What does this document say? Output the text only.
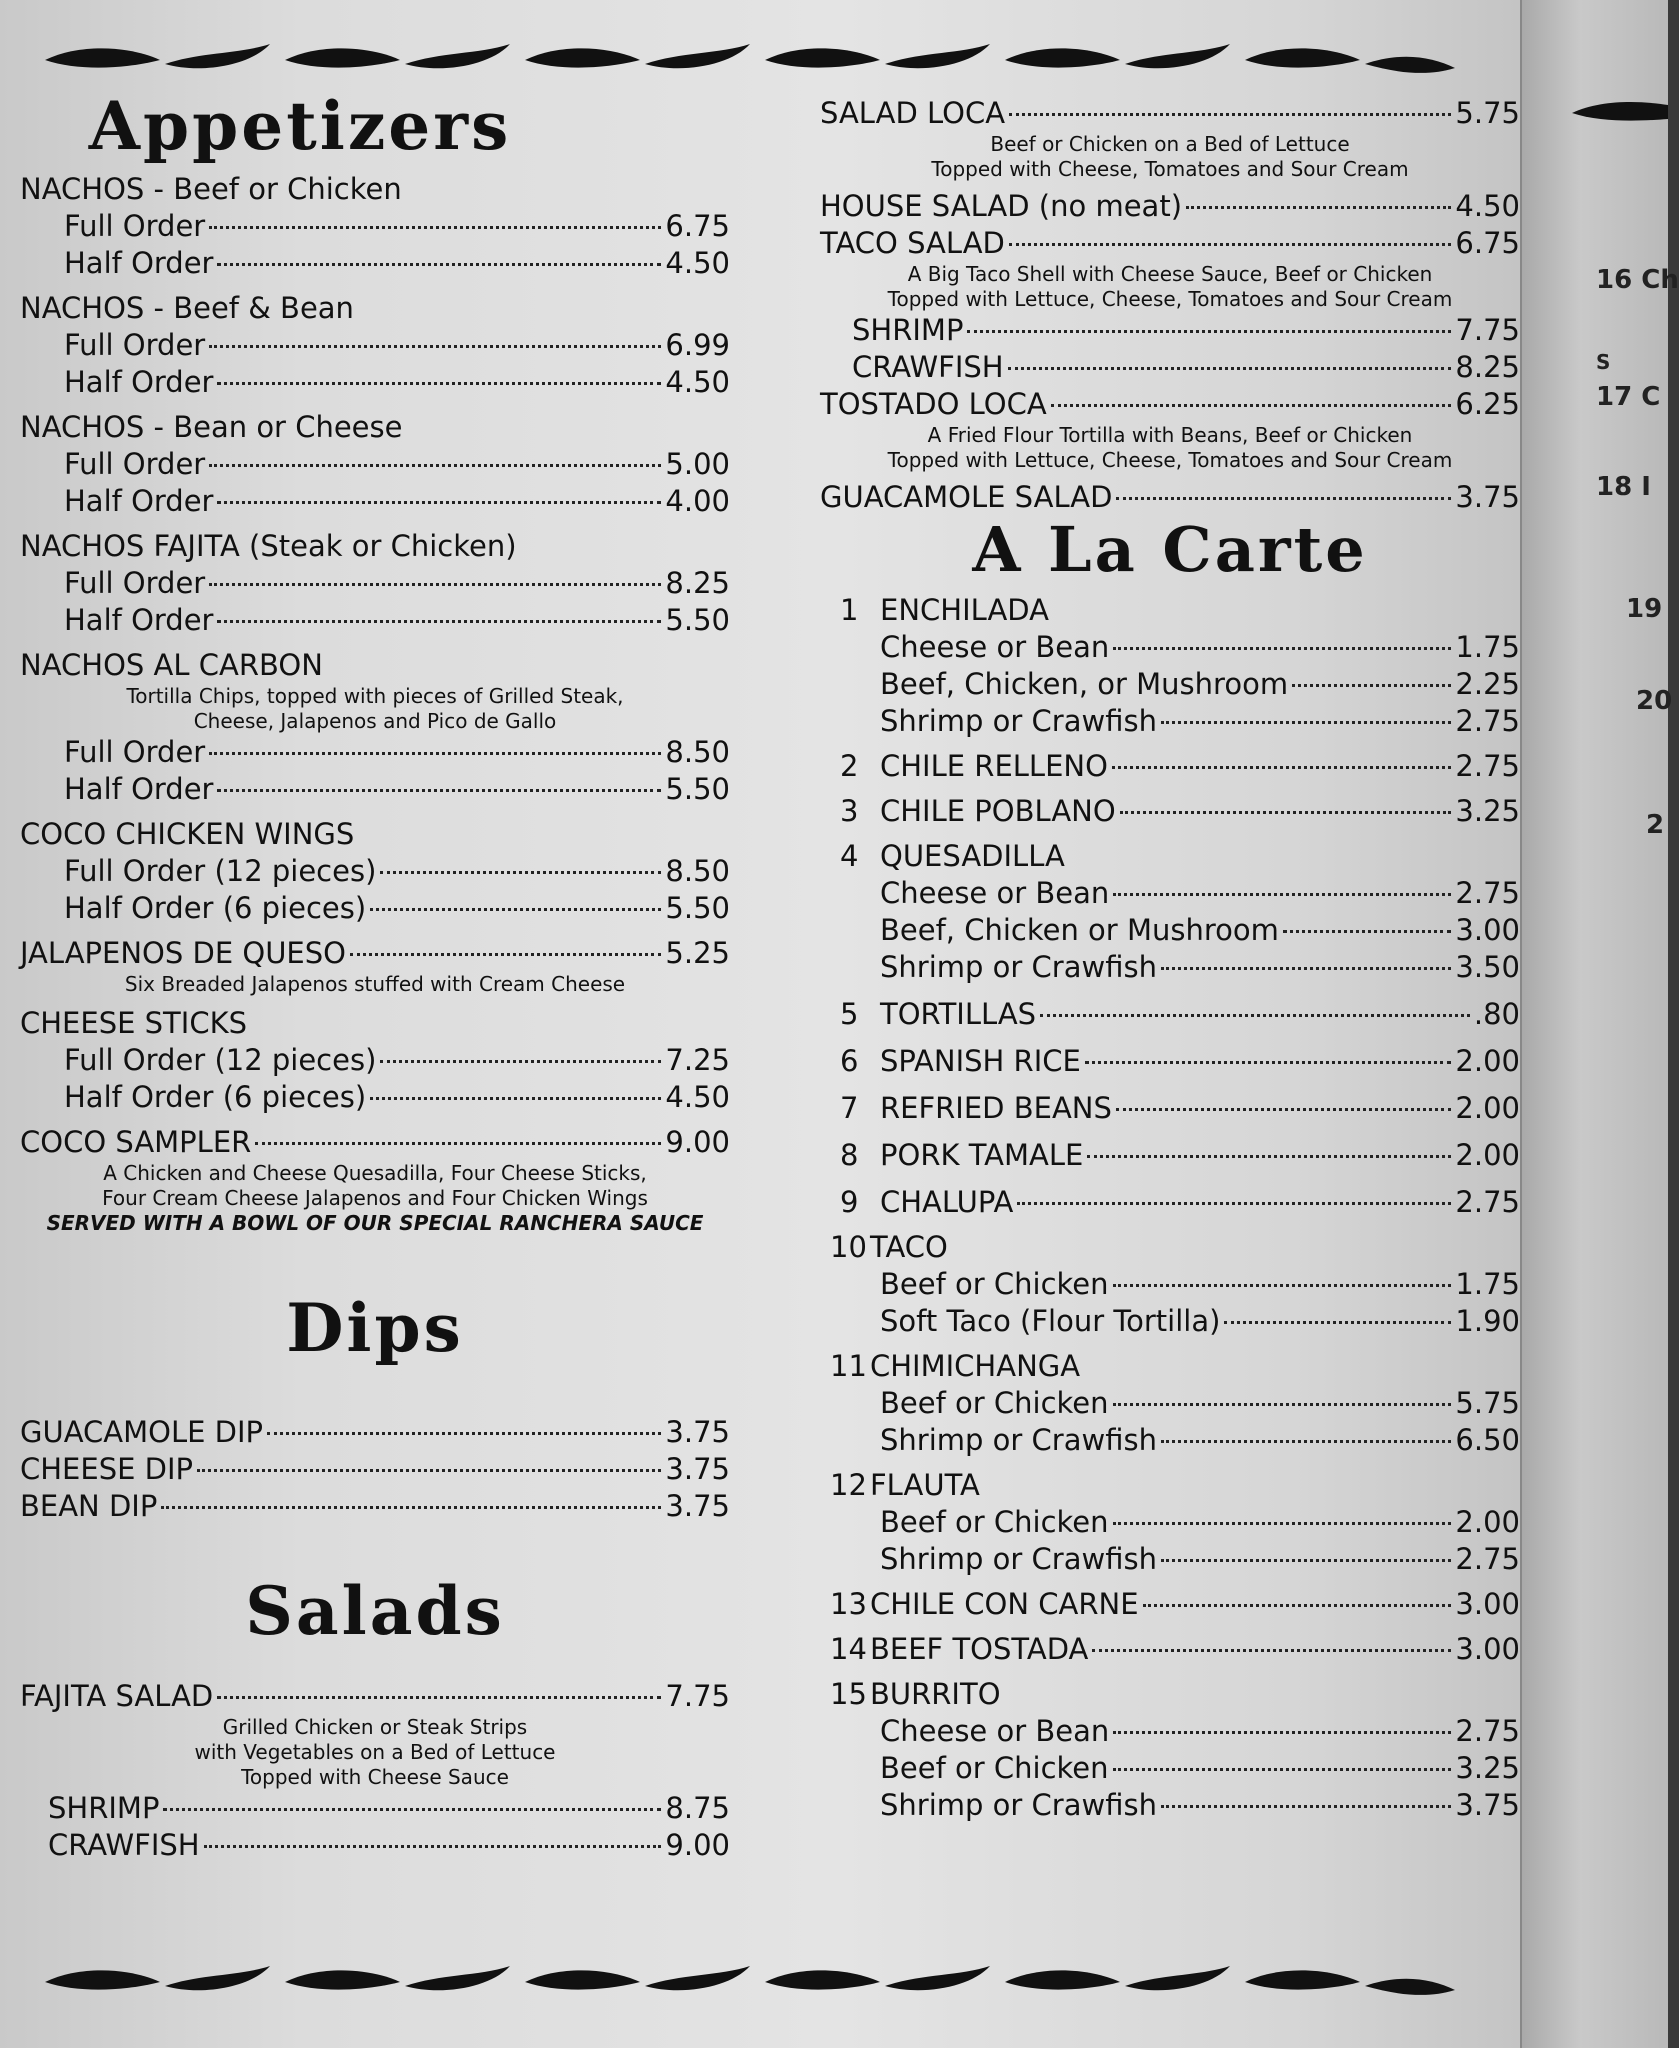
Appetizers
NACHOS - Beef or Chicken
Full Order	6.75
Half Order	4.50
NACHOS - Beef & Bean
Full Order	6.99
Half Order	4.50
NACHOS - Bean or Cheese
Full Order	5.00
Half Order	4.00
NACHOS FAJITA (Steak or Chicken)
Full Order	8.25
Half Order	5.50
NACHOS AL CARBON
Tortilla Chips, topped with pieces of Grilled Steak,
Cheese, Jalapenos and Pico de Gallo
Full Order	8.50
Half Order	5.50
COCO CHICKEN WINGS
Full Order (12 pieces)	8.50
Half Order (6 pieces)	5.50
JALAPENOS DE QUESO	5.25
Six Breaded Jalapenos stuffed with Cream Cheese
CHEESE STICKS
Full Order (12 pieces)	7.25
Half Order (6 pieces)	4.50
COCO SAMPLER	9.00
A Chicken and Cheese Quesadilla, Four Cheese Sticks,
Four Cream Cheese Jalapenos and Four Chicken Wings
SERVED WITH A BOWL OF OUR SPECIAL RANCHERA SAUCE
Dips
GUACAMOLE DIP	3.75
CHEESE DIP	3.75
BEAN DIP	3.75
Salads
FAJITA SALAD	7.75
Grilled Chicken or Steak Strips
with Vegetables on a Bed of Lettuce
Topped with Cheese Sauce
SHRIMP	8.75
CRAWFISH	9.00
SALAD LOCA	5.75
Beef or Chicken on a Bed of Lettuce
Topped with Cheese, Tomatoes and Sour Cream
HOUSE SALAD (no meat)	4.50
TACO SALAD	6.75
A Big Taco Shell with Cheese Sauce, Beef or Chicken
Topped with Lettuce, Cheese, Tomatoes and Sour Cream
SHRIMP	7.75
CRAWFISH	8.25
TOSTADO LOCA	6.25
A Fried Flour Tortilla with Beans, Beef or Chicken
Topped with Lettuce, Cheese, Tomatoes and Sour Cream
GUACAMOLE SALAD	3.75
A La Carte
1 ENCHILADA
Cheese or Bean	1.75
Beef, Chicken, or Mushroom	2.25
Shrimp or Crawfish	2.75
2 CHILE RELLENO	2.75
3 CHILE POBLANO	3.25
4 QUESADILLA
Cheese or Bean	2.75
Beef, Chicken or Mushroom	3.00
Shrimp or Crawfish	3.50
5 TORTILLAS	.80
6 SPANISH RICE	2.00
7 REFRIED BEANS	2.00
8 PORK TAMALE	2.00
9 CHALUPA	2.75
10 TACO
Beef or Chicken	1.75
Soft Taco (Flour Tortilla)	1.90
11 CHIMICHANGA
Beef or Chicken	5.75
Shrimp or Crawfish	6.50
12 FLAUTA
Beef or Chicken	2.00
Shrimp or Crawfish	2.75
13 CHILE CON CARNE	3.00
14 BEEF TOSTADA	3.00
15 BURRITO
Cheese or Bean	2.75
Beef or Chicken	3.25
Shrimp or Crawfish	3.75
16 Ch
S
17 C
18 I
19
20
2
